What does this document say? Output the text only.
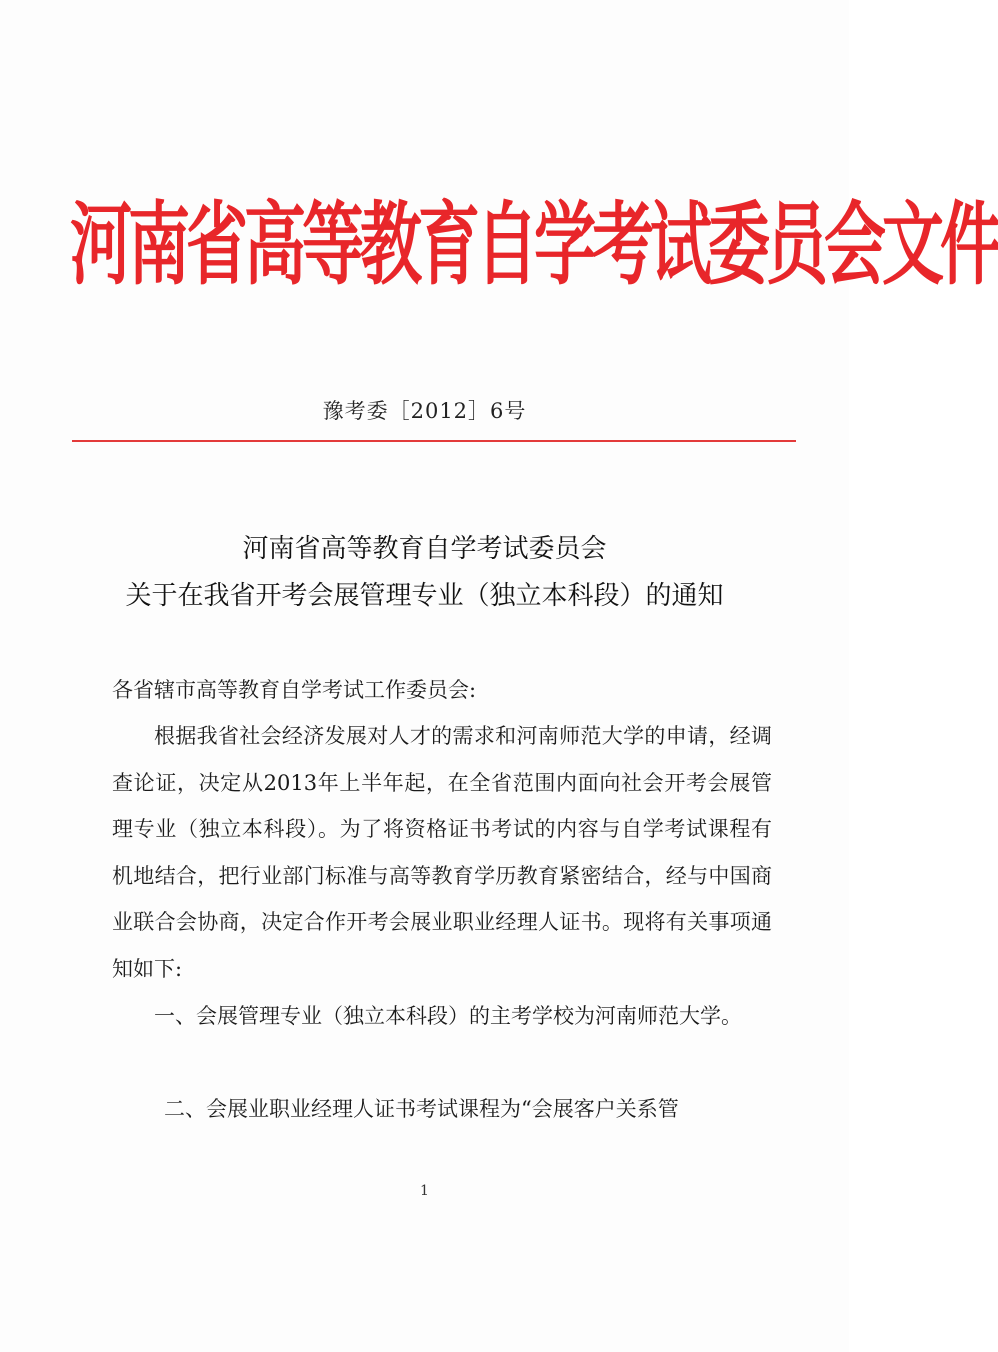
河南省高等教育自学考试委员会文件
豫考委［2012］6号
河南省高等教育自学考试委员会
关于在我省开考会展管理专业（独立本科段）的通知
各省辖市高等教育自学考试工作委员会:
根据我省社会经济发展对人才的需求和河南师范大学的申请，经调查论证，决定从2013年上半年起，在全省范围内面向社会开考会展管理专业（独立本科段）。为了将资格证书考试的内容与自学考试课程有机地结合，把行业部门标准与高等教育学历教育紧密结合，经与中国商业联合会协商，决定合作开考会展业职业经理人证书。现将有关事项通知如下:
一、会展管理专业（独立本科段）的主考学校为河南师范大学。
二、会展业职业经理人证书考试课程为“会展客户关系管
1
